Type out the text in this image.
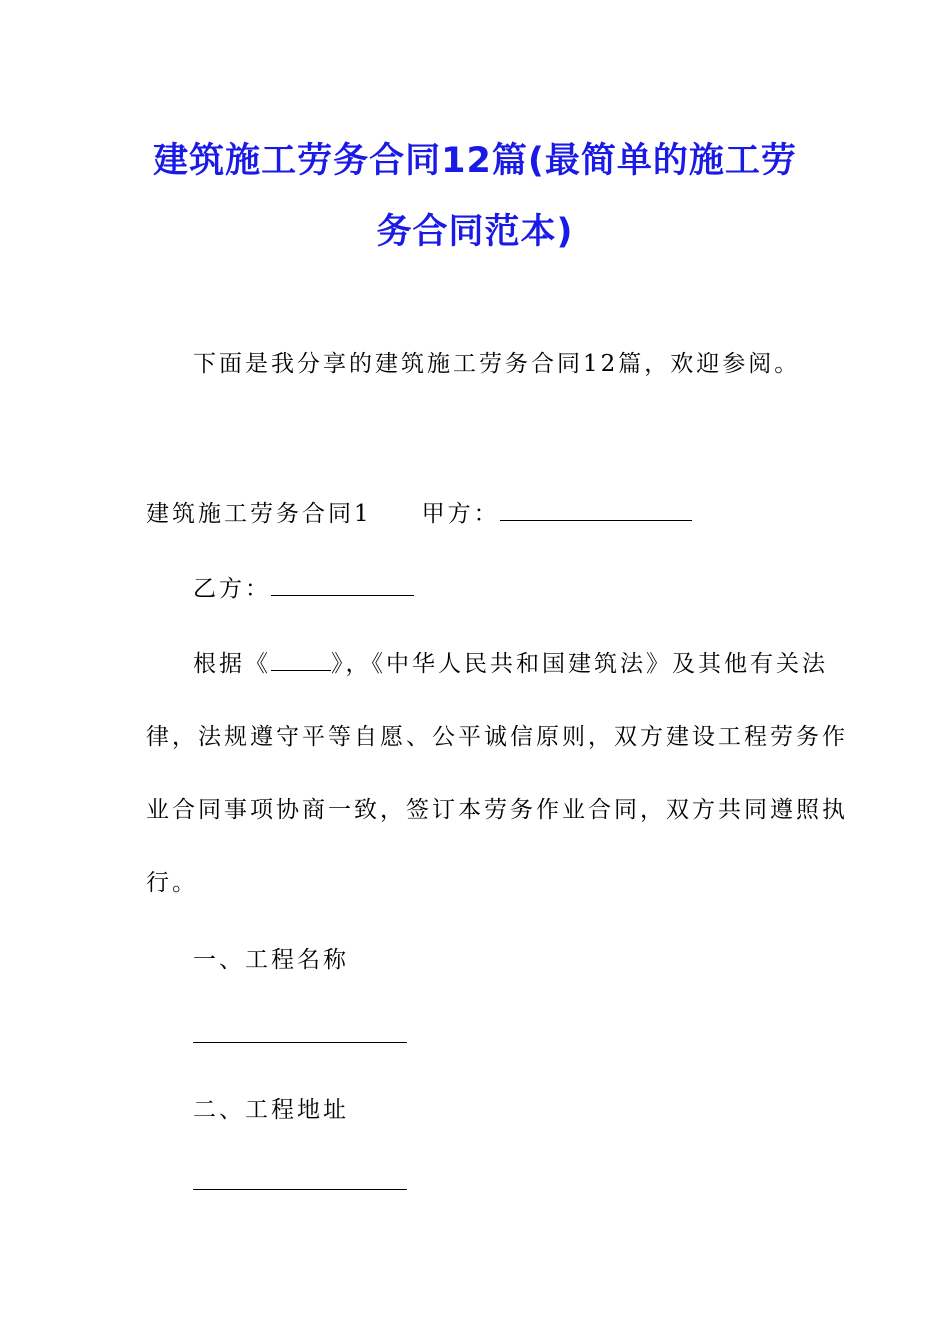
建筑施工劳务合同12篇(最简单的施工劳
务合同范本)
下面是我分享的建筑施工劳务合同12篇，欢迎参阅。
建筑施工劳务合同1 甲方：
乙方：
根据《	》，《中华人民共和国建筑法》及其他有关法
律，法规遵守平等自愿、公平诚信原则，双方建设工程劳务作
业合同事项协商一致，签订本劳务作业合同，双方共同遵照执
行。
一、工程名称
二、工程地址
